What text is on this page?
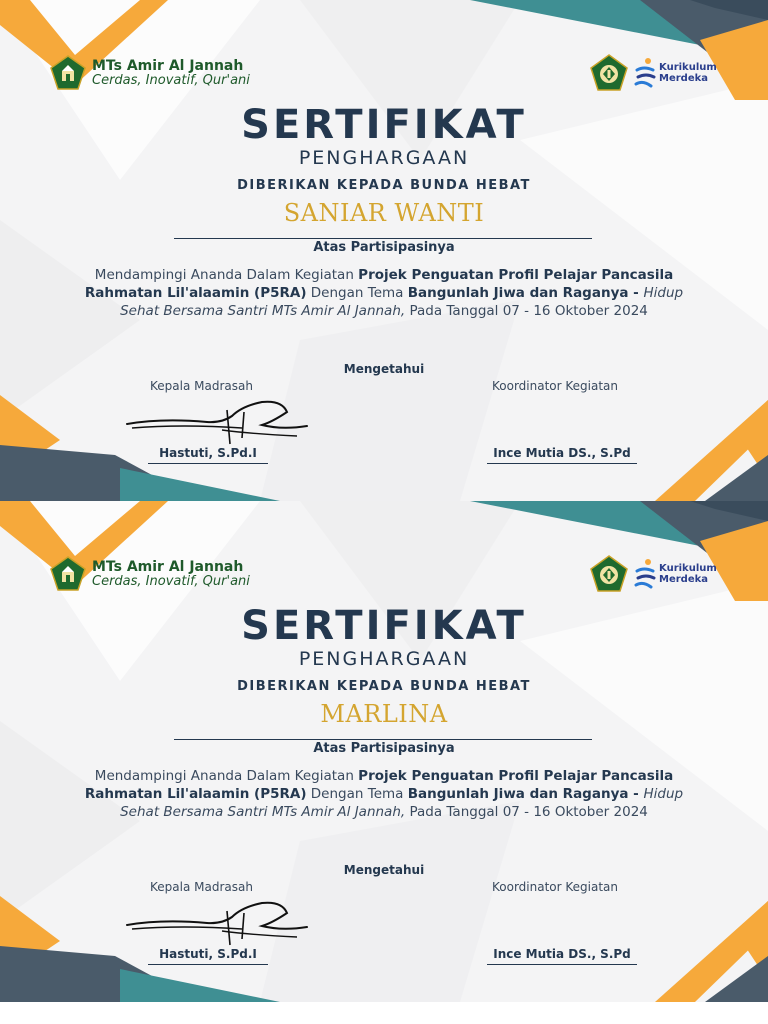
MTs Amir Al Jannah
Cerdas, Inovatif, Qur'ani
Kurikulum
Merdeka
SERTIFIKAT
PENGHARGAAN
DIBERIKAN KEPADA BUNDA HEBAT
SANIAR WANTI
Atas Partisipasinya
Mendampingi Ananda Dalam Kegiatan Projek Penguatan Profil Pelajar Pancasila Rahmatan Lil'alaamin (P5RA) Dengan Tema Bangunlah Jiwa dan Raganya - Hidup Sehat Bersama Santri MTs Amir Al Jannah, Pada Tanggal 07 - 16 Oktober 2024
Mengetahui
Kepala Madrasah	Koordinator Kegiatan
Hastuti, S.Pd.I	Ince Mutia DS., S.Pd
MTs Amir Al Jannah
Cerdas, Inovatif, Qur'ani
Kurikulum
Merdeka
SERTIFIKAT
PENGHARGAAN
DIBERIKAN KEPADA BUNDA HEBAT
MARLINA
Atas Partisipasinya
Mendampingi Ananda Dalam Kegiatan Projek Penguatan Profil Pelajar Pancasila Rahmatan Lil'alaamin (P5RA) Dengan Tema Bangunlah Jiwa dan Raganya - Hidup Sehat Bersama Santri MTs Amir Al Jannah, Pada Tanggal 07 - 16 Oktober 2024
Mengetahui
Kepala Madrasah	Koordinator Kegiatan
Hastuti, S.Pd.I	Ince Mutia DS., S.Pd
